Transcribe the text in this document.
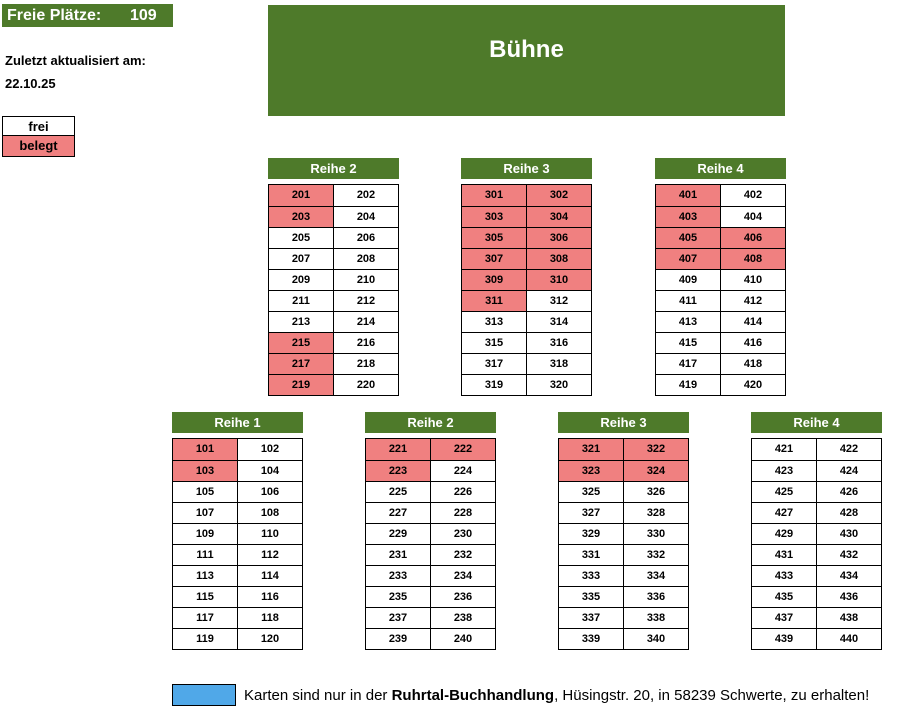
Freie Plätze: 109
Zuletzt aktualisiert am:
22.10.25
frei
belegt
Bühne
Reihe 2
201	202
203	204
205	206
207	208
209	210
211	212
213	214
215	216
217	218
219	220
Reihe 3
301	302
303	304
305	306
307	308
309	310
311	312
313	314
315	316
317	318
319	320
Reihe 4
401	402
403	404
405	406
407	408
409	410
411	412
413	414
415	416
417	418
419	420
Reihe 1
101	102
103	104
105	106
107	108
109	110
111	112
113	114
115	116
117	118
119	120
Reihe 2
221	222
223	224
225	226
227	228
229	230
231	232
233	234
235	236
237	238
239	240
Reihe 3
321	322
323	324
325	326
327	328
329	330
331	332
333	334
335	336
337	338
339	340
Reihe 4
421	422
423	424
425	426
427	428
429	430
431	432
433	434
435	436
437	438
439	440
Karten sind nur in der Ruhrtal-Buchhandlung, Hüsingstr. 20, in 58239 Schwerte, zu erhalten!
